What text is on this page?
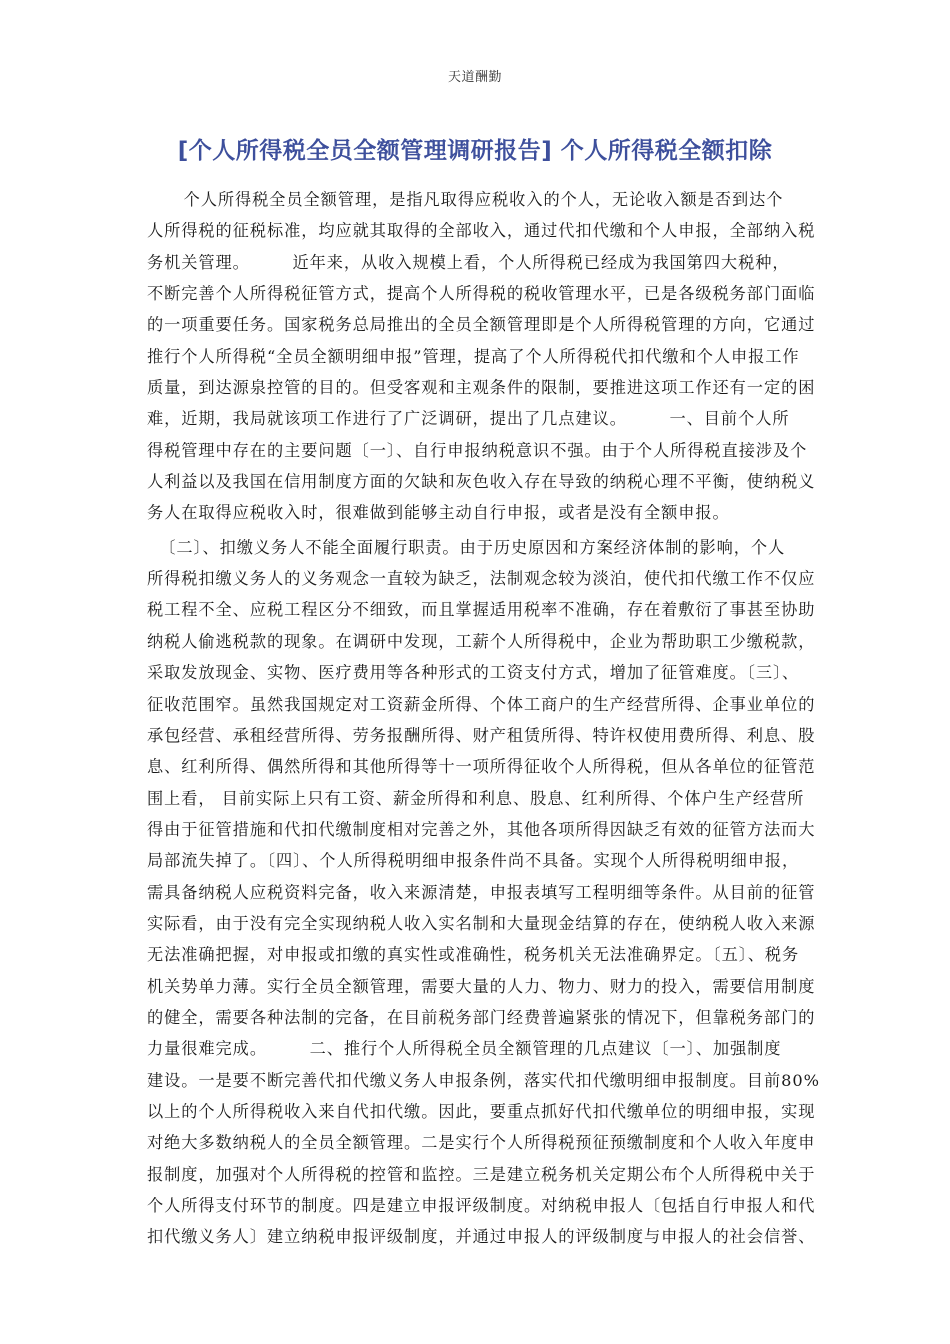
天道酬勤
[个人所得税全员全额管理调研报告] 个人所得税全额扣除
个人所得税全员全额管理，是指凡取得应税收入的个人，无论收入额是否到达个
人所得税的征税标准，均应就其取得的全部收入，通过代扣代缴和个人申报，全部纳入税
务机关管理。       近年来，从收入规模上看，个人所得税已经成为我国第四大税种，
不断完善个人所得税征管方式，提高个人所得税的税收管理水平，已是各级税务部门面临
的一项重要任务。国家税务总局推出的全员全额管理即是个人所得税管理的方向，它通过
推行个人所得税“全员全额明细申报”管理，提高了个人所得税代扣代缴和个人申报工作
质量，到达源泉控管的目的。但受客观和主观条件的限制，要推进这项工作还有一定的困
难，近期，我局就该项工作进行了广泛调研，提出了几点建议。       一、目前个人所
得税管理中存在的主要问题〔一〕、自行申报纳税意识不强。由于个人所得税直接涉及个
人利益以及我国在信用制度方面的欠缺和灰色收入存在导致的纳税心理不平衡，使纳税义
务人在取得应税收入时，很难做到能够主动自行申报，或者是没有全额申报。
〔二〕、扣缴义务人不能全面履行职责。由于历史原因和方案经济体制的影响，个人
所得税扣缴义务人的义务观念一直较为缺乏，法制观念较为淡泊，使代扣代缴工作不仅应
税工程不全、应税工程区分不细致，而且掌握适用税率不准确，存在着敷衍了事甚至协助
纳税人偷逃税款的现象。在调研中发现，工薪个人所得税中，企业为帮助职工少缴税款，
采取发放现金、实物、医疗费用等各种形式的工资支付方式，增加了征管难度。〔三〕、
征收范围窄。虽然我国规定对工资薪金所得、个体工商户的生产经营所得、企事业单位的
承包经营、承租经营所得、劳务报酬所得、财产租赁所得、特许权使用费所得、利息、股
息、红利所得、偶然所得和其他所得等十一项所得征收个人所得税，但从各单位的征管范
围上看， 目前实际上只有工资、薪金所得和利息、股息、红利所得、个体户生产经营所
得由于征管措施和代扣代缴制度相对完善之外，其他各项所得因缺乏有效的征管方法而大
局部流失掉了。〔四〕、个人所得税明细申报条件尚不具备。实现个人所得税明细申报，
需具备纳税人应税资料完备，收入来源清楚，申报表填写工程明细等条件。从目前的征管
实际看，由于没有完全实现纳税人收入实名制和大量现金结算的存在，使纳税人收入来源
无法准确把握，对申报或扣缴的真实性或准确性，税务机关无法准确界定。〔五〕、税务
机关势单力薄。实行全员全额管理，需要大量的人力、物力、财力的投入，需要信用制度
的健全，需要各种法制的完备，在目前税务部门经费普遍紧张的情况下，但靠税务部门的
力量很难完成。       二、推行个人所得税全员全额管理的几点建议〔一〕、加强制度
建设。一是要不断完善代扣代缴义务人申报条例，落实代扣代缴明细申报制度。目前80%
以上的个人所得税收入来自代扣代缴。因此，要重点抓好代扣代缴单位的明细申报，实现
对绝大多数纳税人的全员全额管理。二是实行个人所得税预征预缴制度和个人收入年度申
报制度，加强对个人所得税的控管和监控。三是建立税务机关定期公布个人所得税中关于
个人所得支付环节的制度。四是建立申报评级制度。对纳税申报人〔包括自行申报人和代
扣代缴义务人〕建立纳税申报评级制度，并通过申报人的评级制度与申报人的社会信誉、
